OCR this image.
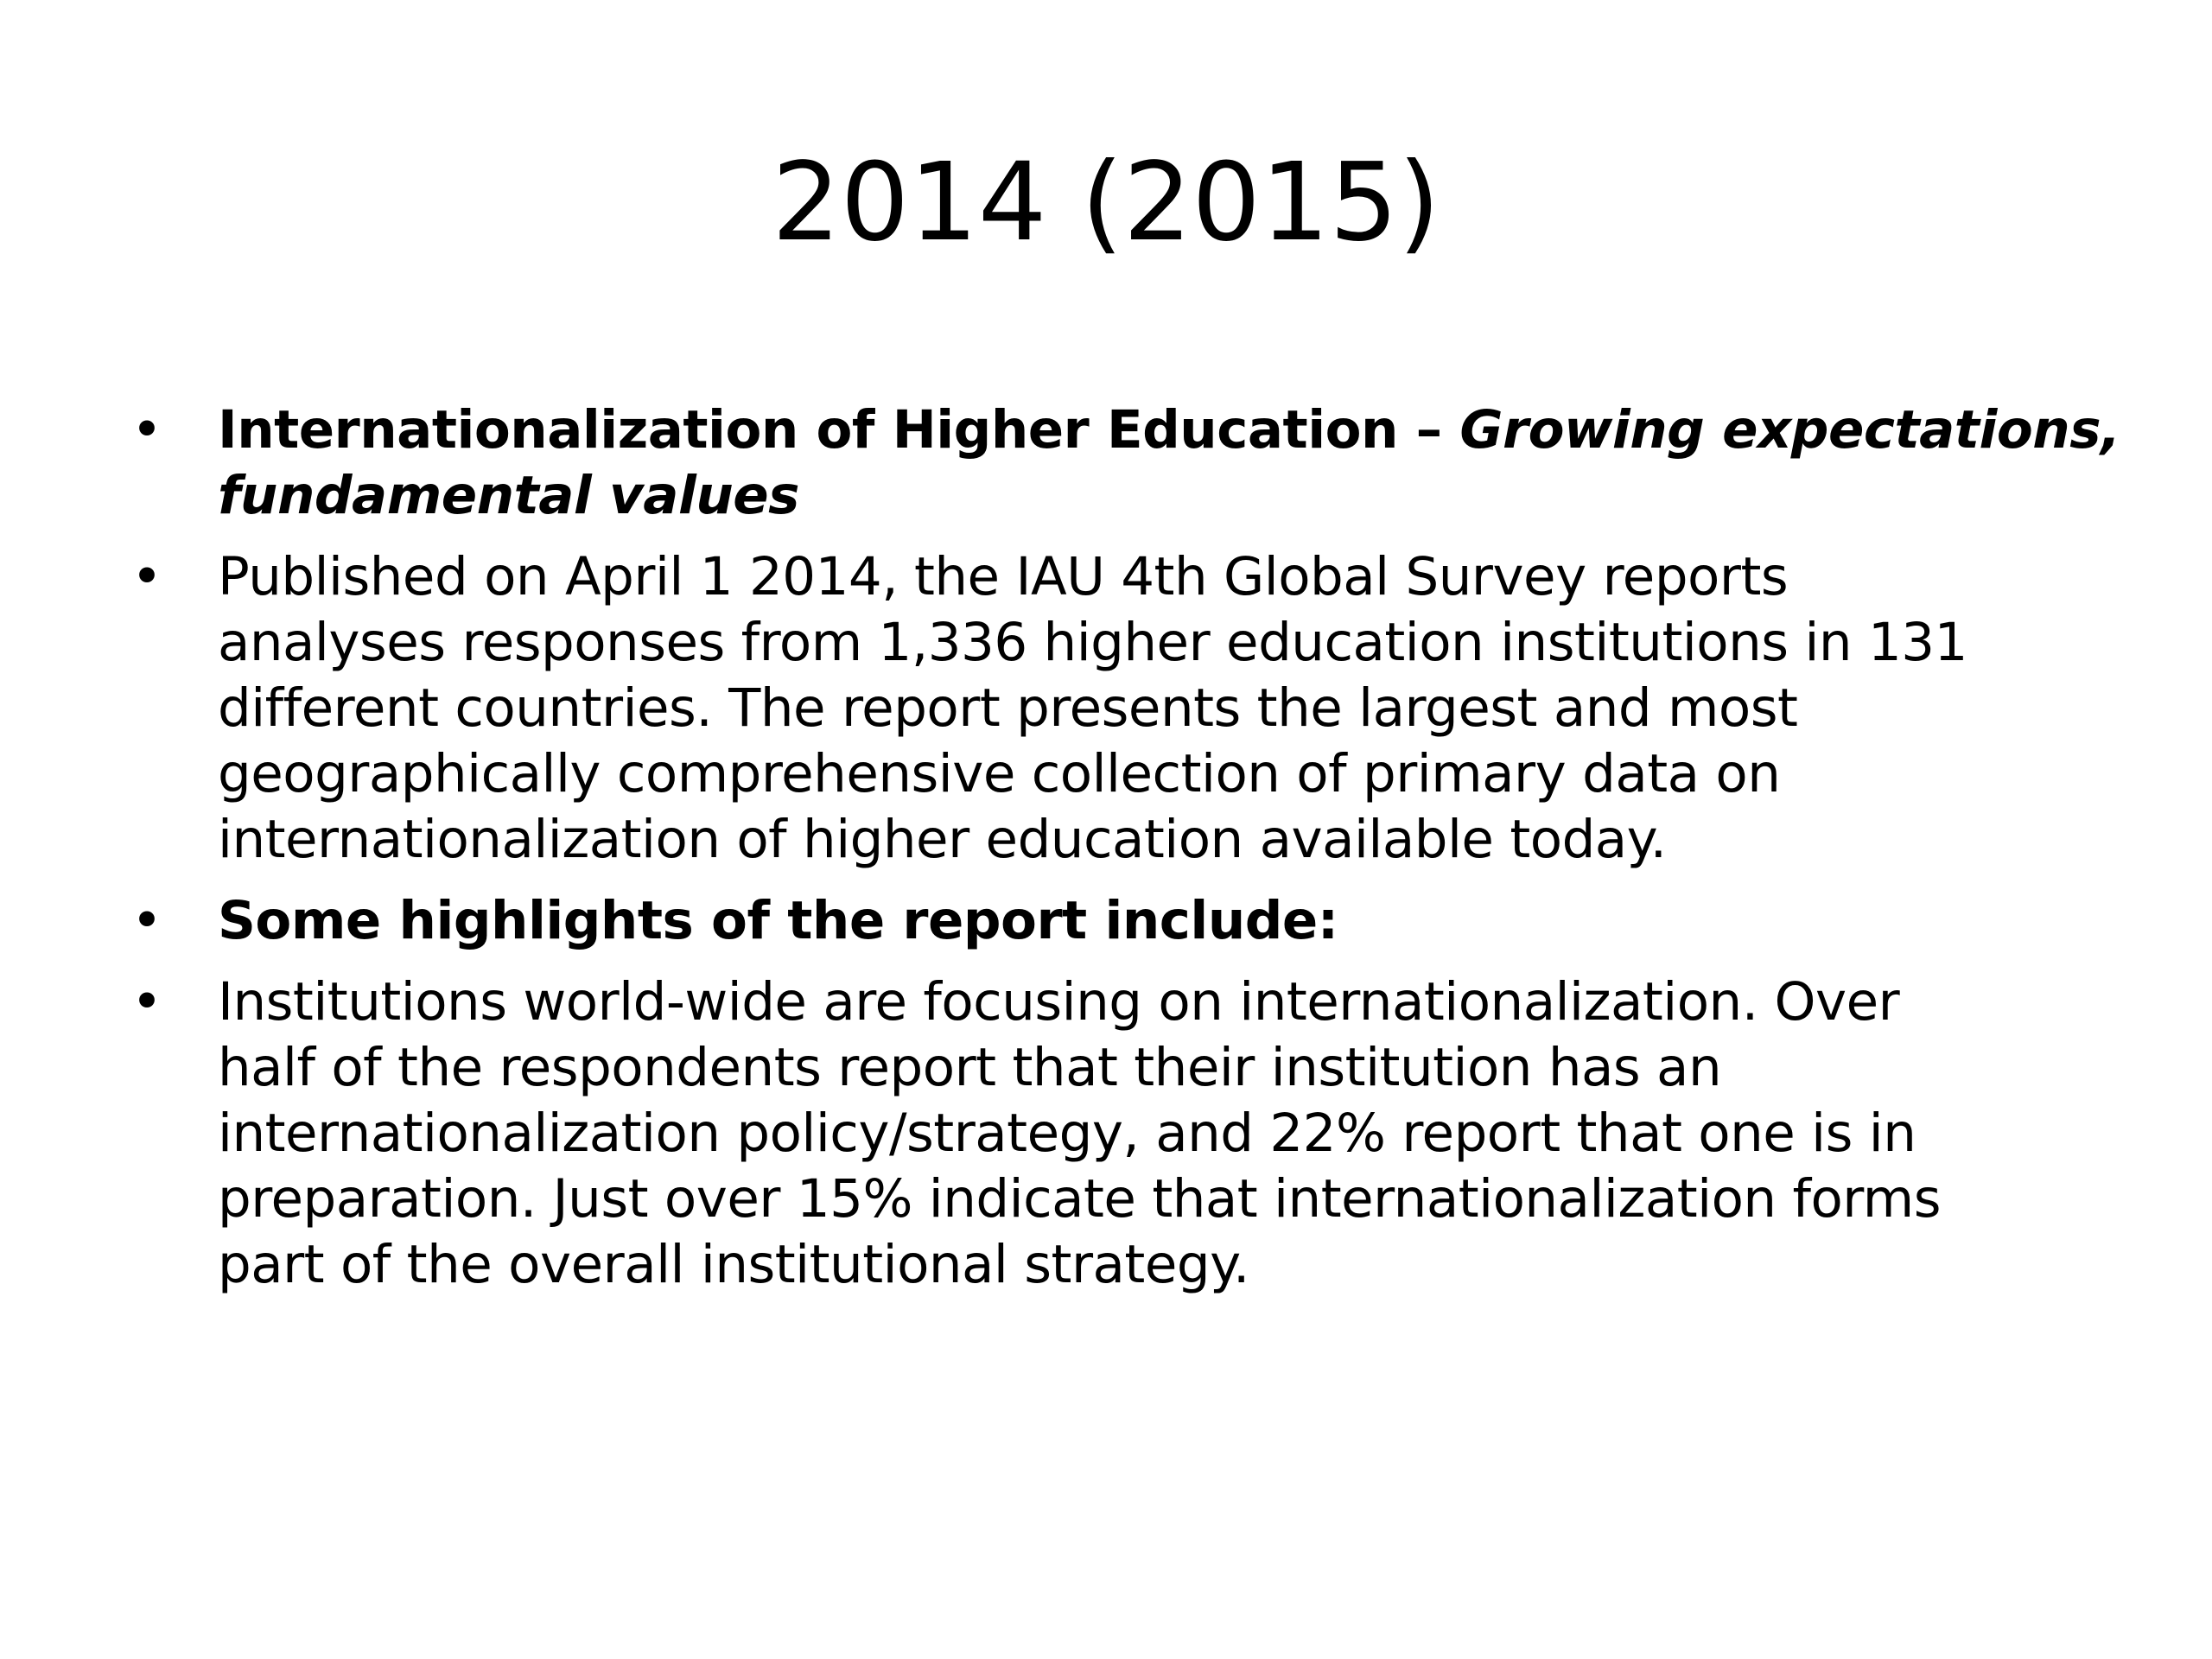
2014 (2015)
• Internationalization of Higher Education – Growing expectations,
fundamental values
• Published on April 1 2014, the IAU 4th Global Survey reports
analyses responses from 1,336 higher education institutions in 131
different countries. The report presents the largest and most
geographically comprehensive collection of primary data on
internationalization of higher education available today.
• Some highlights of the report include:
• Institutions world-wide are focusing on internationalization. Over
half of the respondents report that their institution has an
internationalization policy/strategy, and 22% report that one is in
preparation. Just over 15% indicate that internationalization forms
part of the overall institutional strategy.
